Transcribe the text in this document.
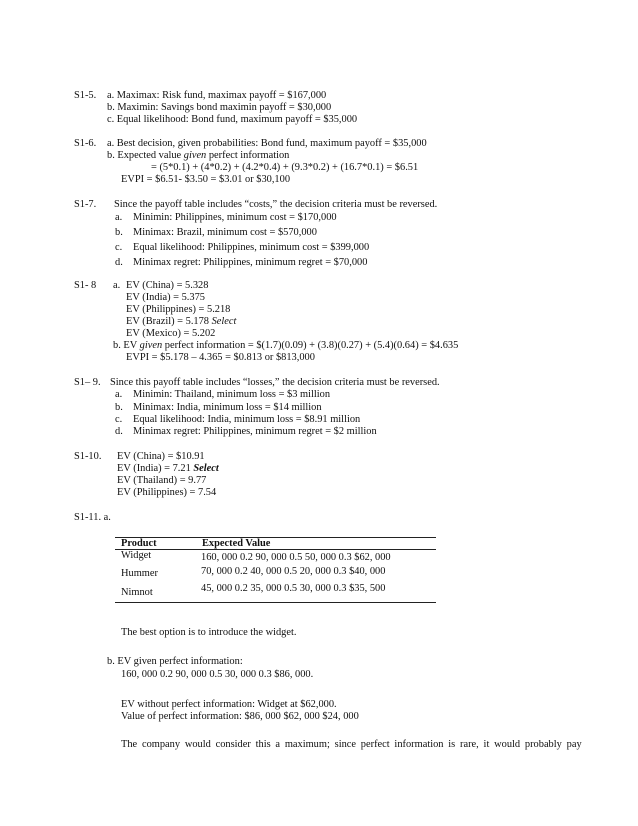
S1-5. a. Maximax: Risk fund, maximax payoff = $167,000
b. Maximin: Savings bond maximin payoff = $30,000
c. Equal likelihood: Bond fund, maximum payoff = $35,000
S1-6. a. Best decision, given probabilities: Bond fund, maximum payoff = $35,000
b. Expected value given perfect information
= (5*0.1) + (4*0.2) + (4.2*0.4) + (9.3*0.2) + (16.7*0.1) = $6.51
EVPI = $6.51- $3.50 = $3.01 or $30,100
S1-7. Since the payoff table includes “costs,” the decision criteria must be reversed.
a. Minimin: Philippines, minimum cost = $170,000
b. Minimax: Brazil, minimum cost = $570,000
c. Equal likelihood: Philippines, minimum cost = $399,000
d. Minimax regret: Philippines, minimum regret = $70,000
S1- 8 a. EV (China) = 5.328
EV (India) = 5.375
EV (Philippines) = 5.218
EV (Brazil) = 5.178 Select
EV (Mexico) = 5.202
b. EV given perfect information = $(1.7)(0.09) + (3.8)(0.27) + (5.4)(0.64) = $4.635
EVPI = $5.178 – 4.365 = $0.813 or $813,000
S1– 9. Since this payoff table includes “losses,” the decision criteria must be reversed.
a. Minimin: Thailand, minimum loss = $3 million
b. Minimax: India, minimum loss = $14 million
c. Equal likelihood: India, minimum loss = $8.91 million
d. Minimax regret: Philippines, minimum regret = $2 million
S1-10. EV (China) = $10.91
EV (India) = 7.21 Select
EV (Thailand) = 9.77
EV (Philippines) = 7.54
S1-11. a.
Product	Expected Value
Widget	160, 000 0.2 90, 000 0.5 50, 000 0.3 $62, 000
Hummer	70, 000 0.2 40, 000 0.5 20, 000 0.3 $40, 000
Nimnot	45, 000 0.2 35, 000 0.5 30, 000 0.3 $35, 500
The best option is to introduce the widget.
b. EV given perfect information:
160, 000 0.2 90, 000 0.5 30, 000 0.3 $86, 000.
EV without perfect information: Widget at $62,000.
Value of perfect information: $86, 000 $62, 000 $24, 000
The company would consider this a maximum; since perfect information is rare, it would probably pay
